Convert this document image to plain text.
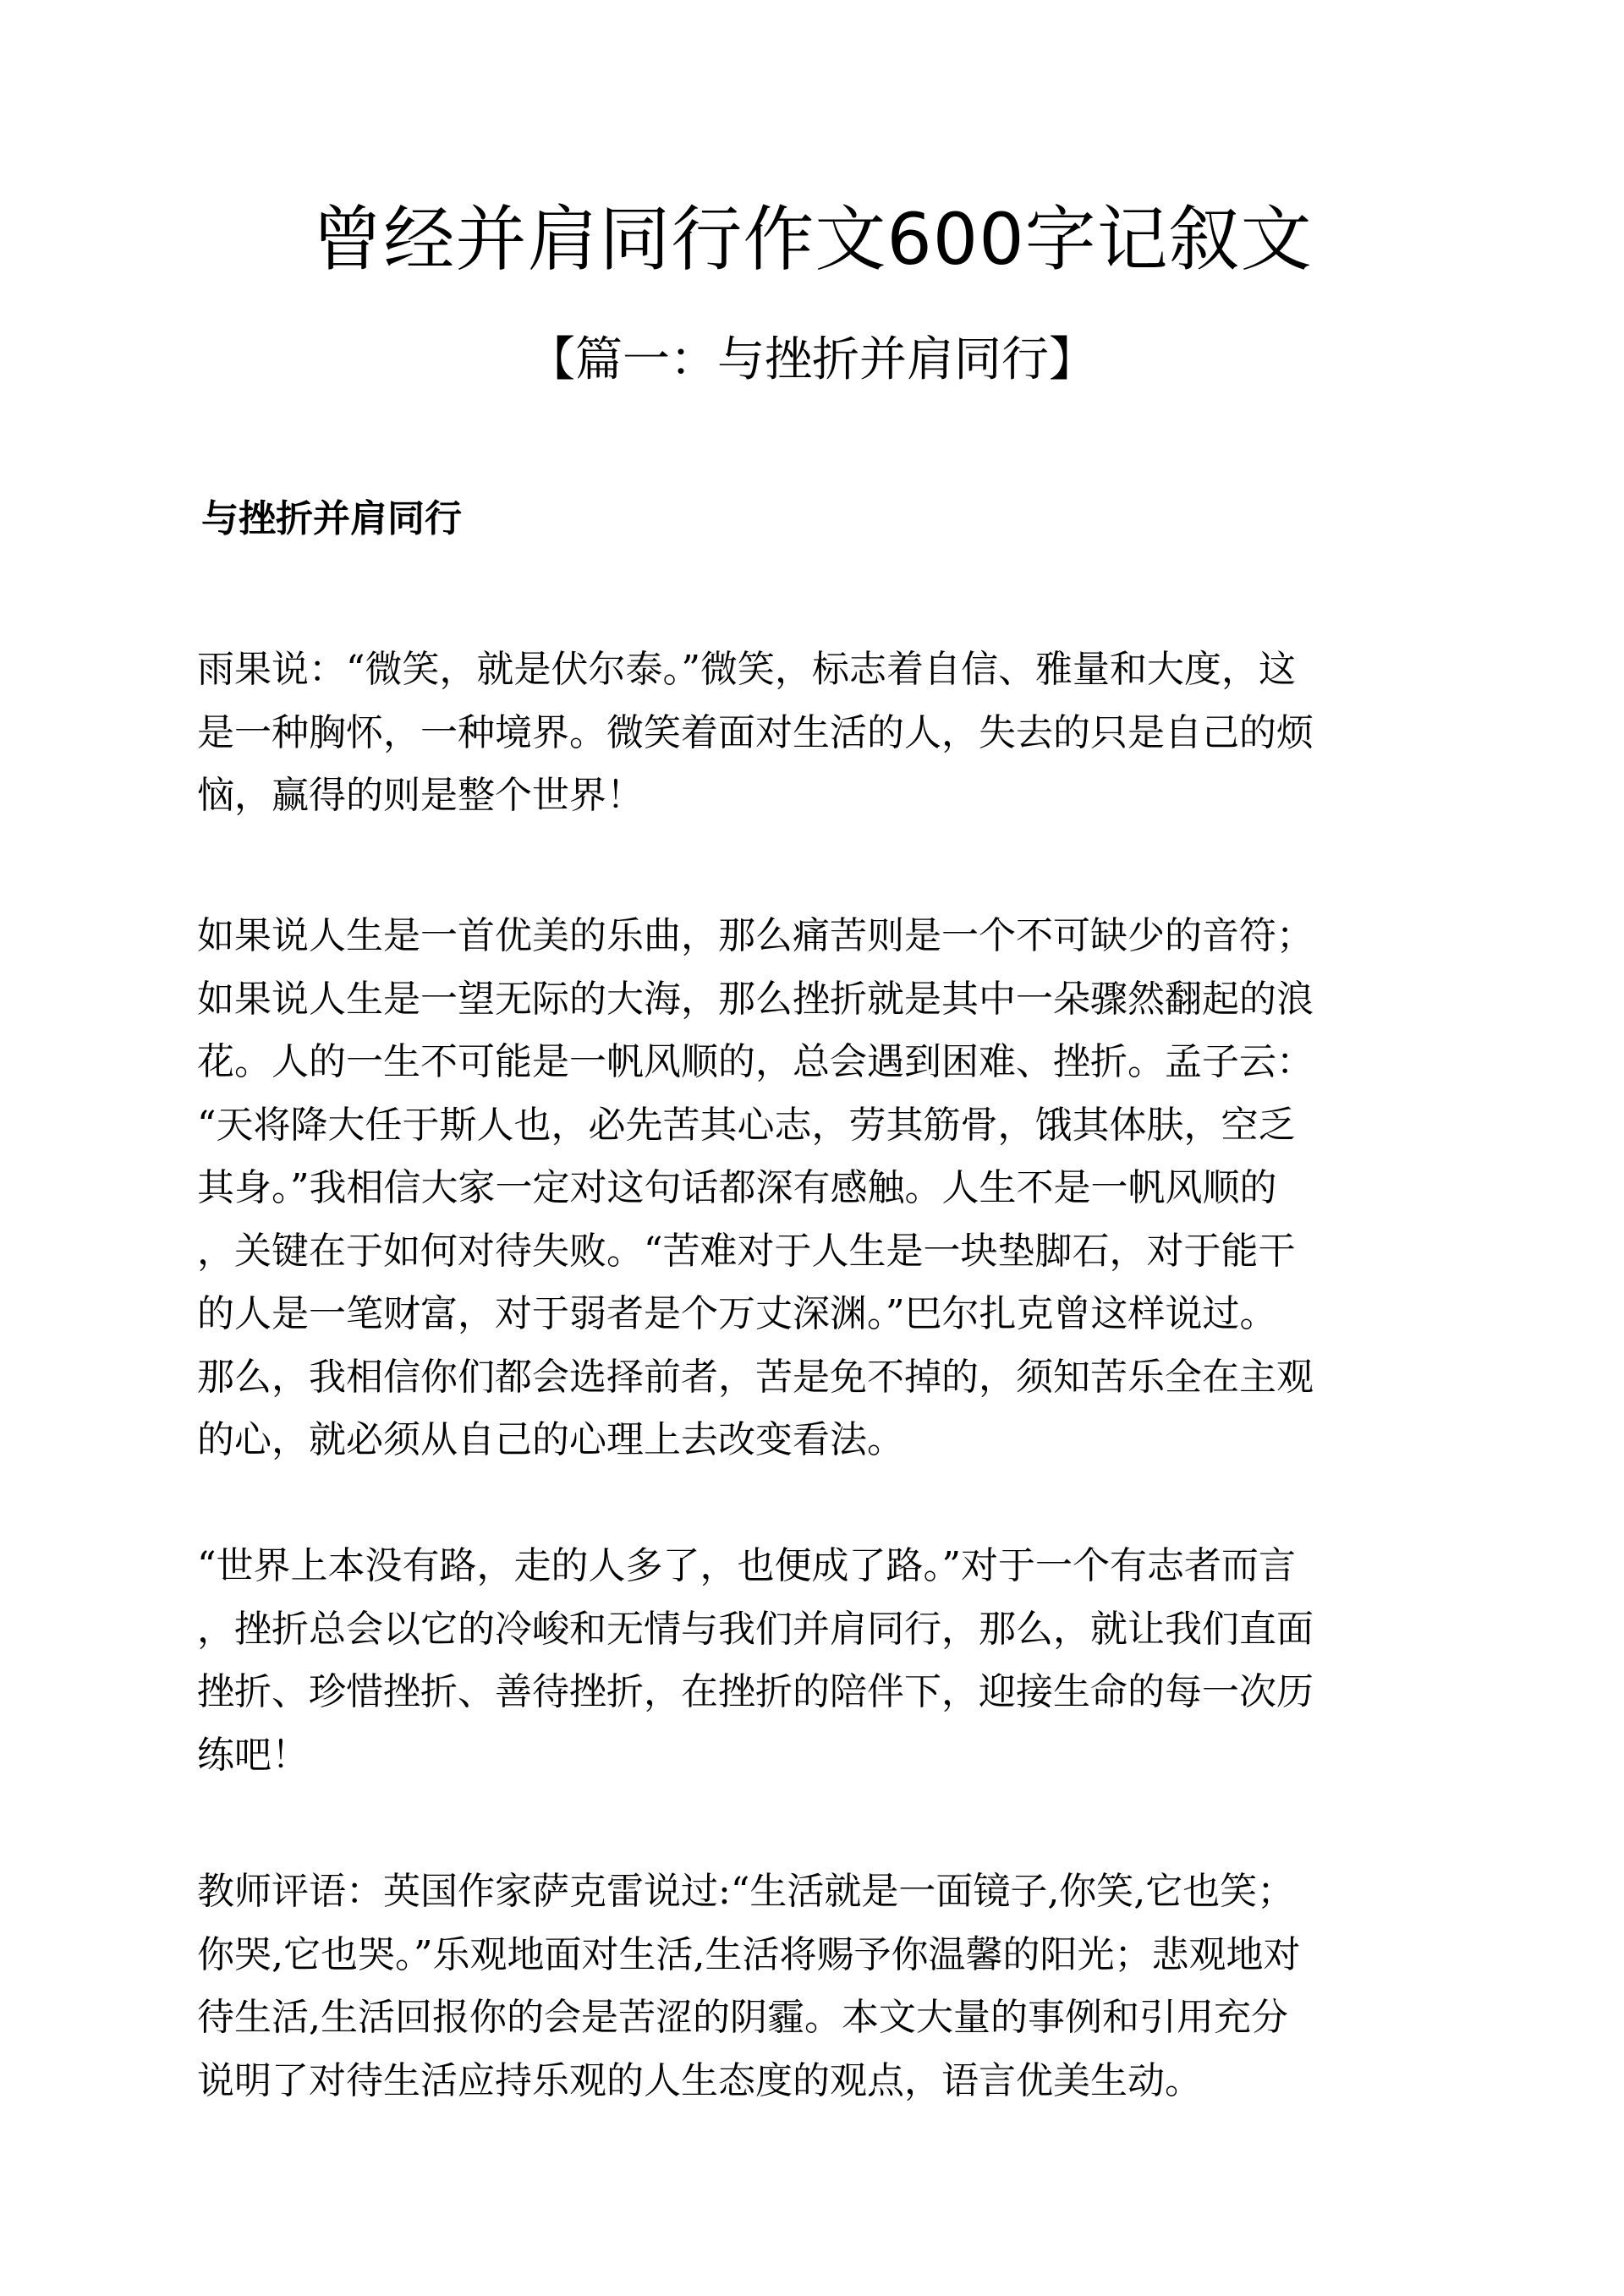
曾经并肩同行作文600字记叙文
【篇一：与挫折并肩同行】
与挫折并肩同行

雨果说：“微笑，就是伏尔泰。”微笑，标志着自信、雅量和大度，这
是一种胸怀，一种境界。微笑着面对生活的人，失去的只是自己的烦
恼，赢得的则是整个世界！

如果说人生是一首优美的乐曲，那么痛苦则是一个不可缺少的音符；
如果说人生是一望无际的大海，那么挫折就是其中一朵骤然翻起的浪
花。人的一生不可能是一帆风顺的，总会遇到困难、挫折。孟子云：
“天将降大任于斯人也，必先苦其心志，劳其筋骨，饿其体肤，空乏
其身。”我相信大家一定对这句话都深有感触。人生不是一帆风顺的
，关键在于如何对待失败。“苦难对于人生是一块垫脚石，对于能干
的人是一笔财富，对于弱者是个万丈深渊。”巴尔扎克曾这样说过。
那么，我相信你们都会选择前者，苦是免不掉的，须知苦乐全在主观
的心，就必须从自己的心理上去改变看法。

“世界上本没有路，走的人多了，也便成了路。”对于一个有志者而言
，挫折总会以它的冷峻和无情与我们并肩同行，那么，就让我们直面
挫折、珍惜挫折、善待挫折，在挫折的陪伴下，迎接生命的每一次历
练吧！

教师评语：英国作家萨克雷说过:“生活就是一面镜子,你笑,它也笑；
你哭,它也哭。”乐观地面对生活,生活将赐予你温馨的阳光；悲观地对
待生活,生活回报你的会是苦涩的阴霾。本文大量的事例和引用充分
说明了对待生活应持乐观的人生态度的观点，语言优美生动。
